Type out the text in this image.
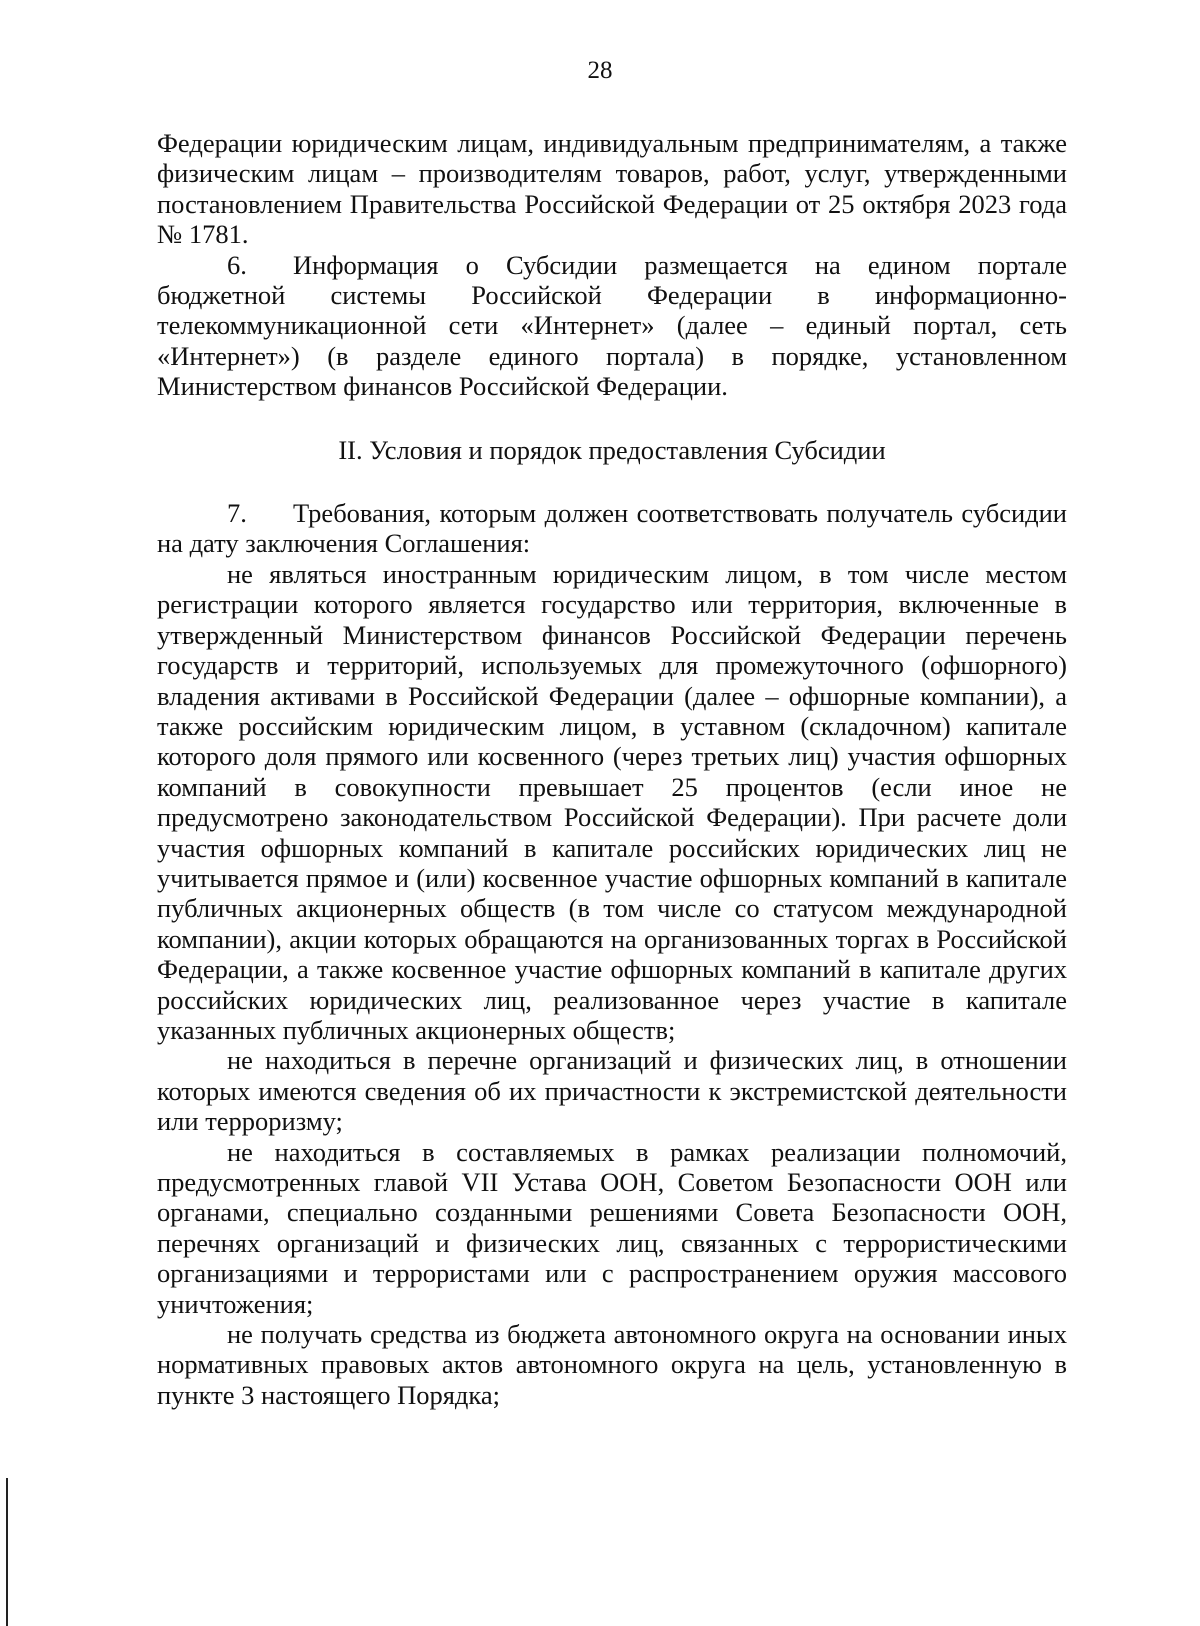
28

Федерации юридическим лицам, индивидуальным предпринимателям, а также физическим лицам – производителям товаров, работ, услуг, утвержденными постановлением Правительства Российской Федерации от 25 октября 2023 года № 1781.

6. Информация о Субсидии размещается на едином портале бюджетной системы Российской Федерации в информационно-телекоммуникационной сети «Интернет» (далее – единый портал, сеть «Интернет») (в разделе единого портала) в порядке, установленном Министерством финансов Российской Федерации.

II. Условия и порядок предоставления Субсидии

7. Требования, которым должен соответствовать получатель субсидии на дату заключения Соглашения:

не являться иностранным юридическим лицом, в том числе местом регистрации которого является государство или территория, включенные в утвержденный Министерством финансов Российской Федерации перечень государств и территорий, используемых для промежуточного (офшорного) владения активами в Российской Федерации (далее – офшорные компании), а также российским юридическим лицом, в уставном (складочном) капитале которого доля прямого или косвенного (через третьих лиц) участия офшорных компаний в совокупности превышает 25 процентов (если иное не предусмотрено законодательством Российской Федерации). При расчете доли участия офшорных компаний в капитале российских юридических лиц не учитывается прямое и (или) косвенное участие офшорных компаний в капитале публичных акционерных обществ (в том числе со статусом международной компании), акции которых обращаются на организованных торгах в Российской Федерации, а также косвенное участие офшорных компаний в капитале других российских юридических лиц, реализованное через участие в капитале указанных публичных акционерных обществ;

не находиться в перечне организаций и физических лиц, в отношении которых имеются сведения об их причастности к экстремистской деятельности или терроризму;

не находиться в составляемых в рамках реализации полномочий, предусмотренных главой VII Устава ООН, Советом Безопасности ООН или органами, специально созданными решениями Совета Безопасности ООН, перечнях организаций и физических лиц, связанных с террористическими организациями и террористами или с распространением оружия массового уничтожения;

не получать средства из бюджета автономного округа на основании иных нормативных правовых актов автономного округа на цель, установленную в пункте 3 настоящего Порядка;
